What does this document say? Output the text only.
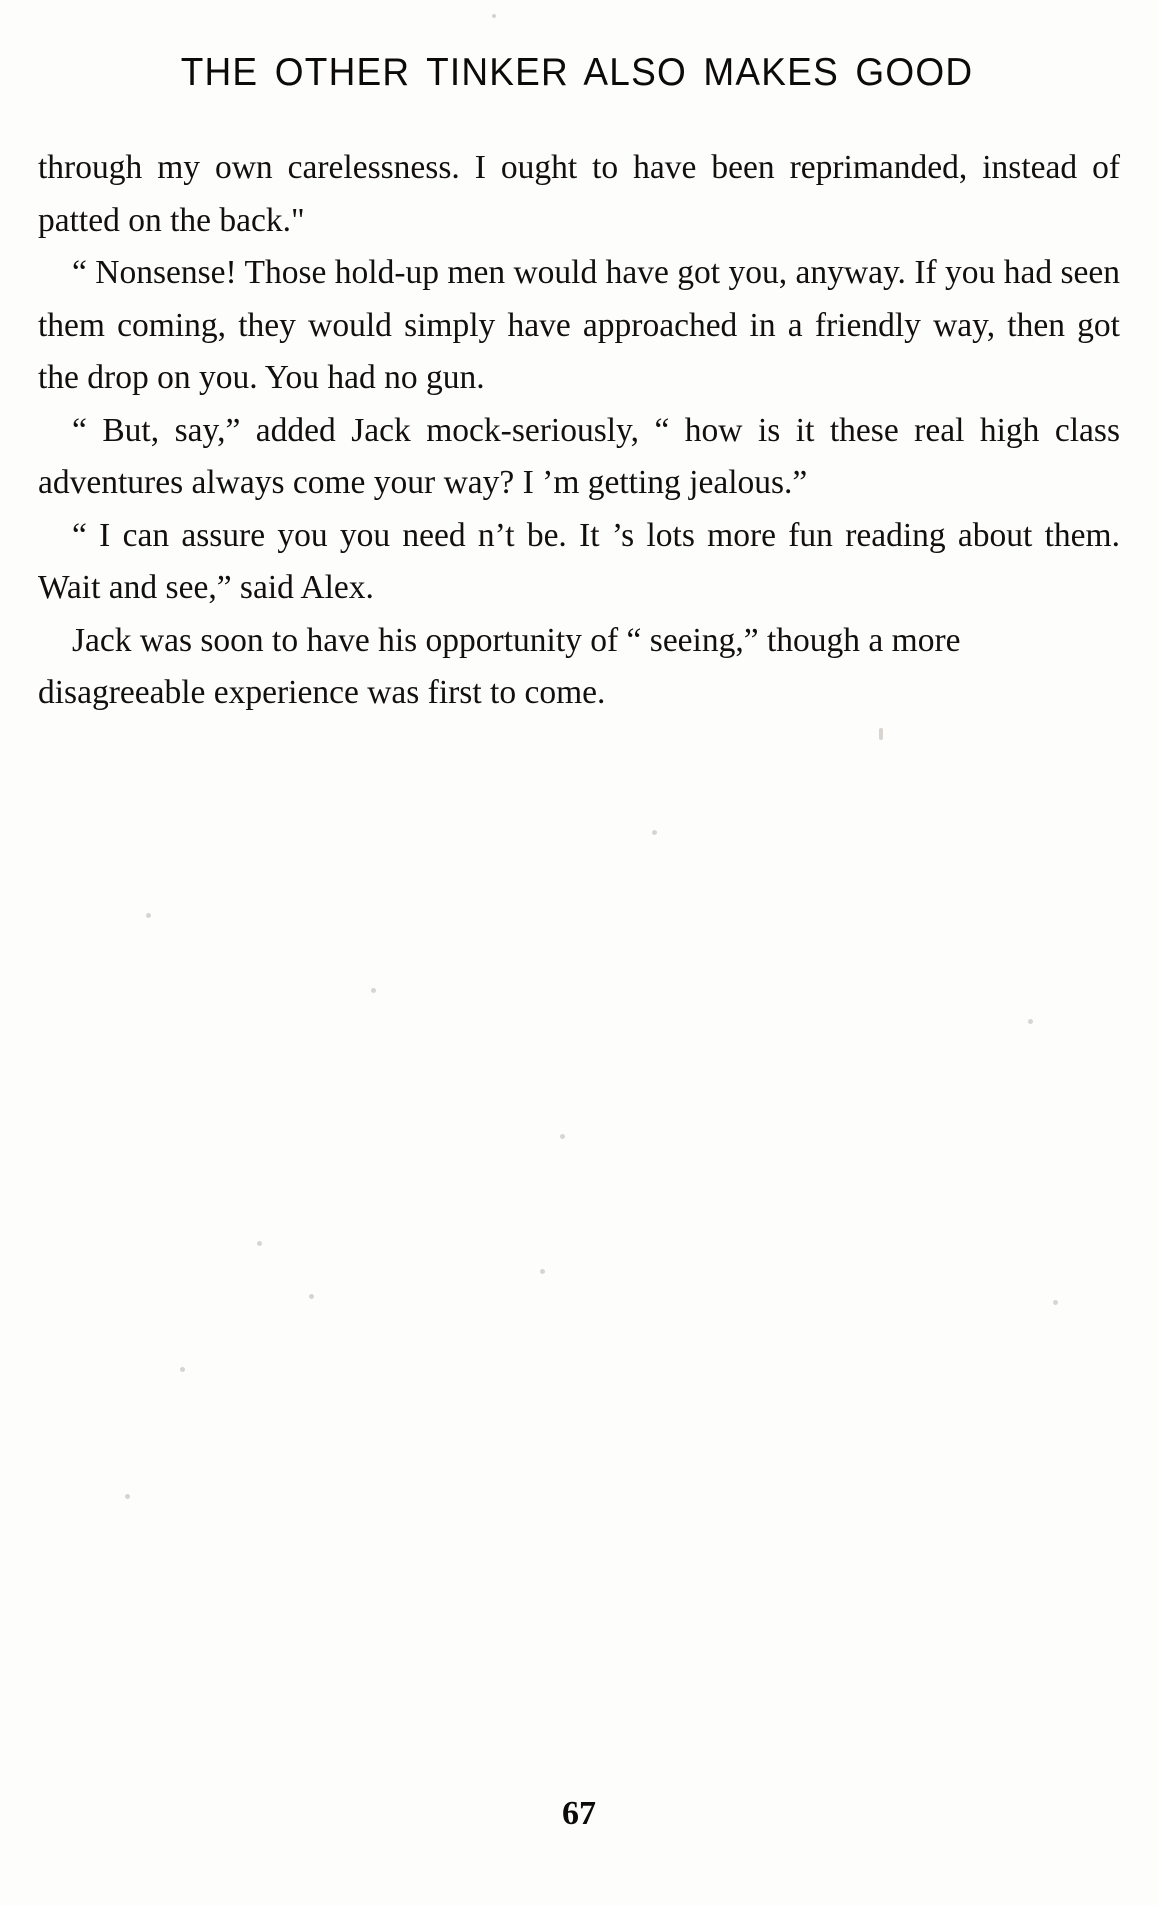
THE OTHER TINKER ALSO MAKES GOOD

through my own carelessness. I ought to have been reprimanded, instead of patted on the back."

“ Nonsense! Those hold-up men would have got you, anyway. If you had seen them coming, they would simply have approached in a friendly way, then got the drop on you. You had no gun.

“ But, say,” added Jack mock-seriously, “ how is it these real high class adventures always come your way? I ’m getting jealous.”

“ I can assure you you need n’t be. It ’s lots more fun reading about them. Wait and see,” said Alex.

Jack was soon to have his opportunity of “ seeing,” though a more disagreeable experience was first to come.

67
